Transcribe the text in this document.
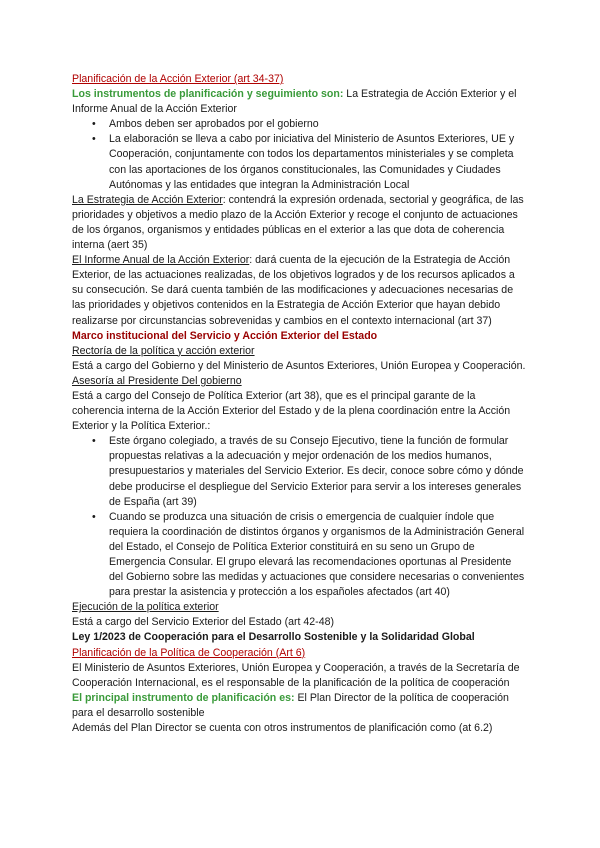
Planificación de la Acción Exterior (art 34-37)

Los instrumentos de planificación y seguimiento son: La Estrategia de Acción Exterior y el Informe Anual de la Acción Exterior

• Ambos deben ser aprobados por el gobierno
• La elaboración se lleva a cabo por iniciativa del Ministerio de Asuntos Exteriores, UE y Cooperación, conjuntamente con todos los departamentos ministeriales y se completa con las aportaciones de los órganos constitucionales, las Comunidades y Ciudades Autónomas y las entidades que integran la Administración Local

La Estrategia de Acción Exterior: contendrá la expresión ordenada, sectorial y geográfica, de las prioridades y objetivos a medio plazo de la Acción Exterior y recoge el conjunto de actuaciones de los órganos, organismos y entidades públicas en el exterior a las que dota de coherencia interna (aert 35)

El Informe Anual de la Acción Exterior: dará cuenta de la ejecución de la Estrategia de Acción Exterior, de las actuaciones realizadas, de los objetivos logrados y de los recursos aplicados a su consecución. Se dará cuenta también de las modificaciones y adecuaciones necesarias de las prioridades y objetivos contenidos en la Estrategia de Acción Exterior que hayan debido realizarse por circunstancias sobrevenidas y cambios en el contexto internacional (art 37)

Marco institucional del Servicio y Acción Exterior del Estado

Rectoría de la política y acción exterior

Está a cargo del Gobierno y del Ministerio de Asuntos Exteriores, Unión Europea y Cooperación.

Asesoría al Presidente Del gobierno

Está a cargo del Consejo de Política Exterior (art 38), que es el principal garante de la coherencia interna de la Acción Exterior del Estado y de la plena coordinación entre la Acción Exterior y la Política Exterior.:

• Este órgano colegiado, a través de su Consejo Ejecutivo, tiene la función de formular propuestas relativas a la adecuación y mejor ordenación de los medios humanos, presupuestarios y materiales del Servicio Exterior. Es decir, conoce sobre cómo y dónde debe producirse el despliegue del Servicio Exterior para servir a los intereses generales de España (art 39)
• Cuando se produzca una situación de crisis o emergencia de cualquier índole que requiera la coordinación de distintos órganos y organismos de la Administración General del Estado, el Consejo de Política Exterior constituirá en su seno un Grupo de Emergencia Consular. El grupo elevará las recomendaciones oportunas al Presidente del Gobierno sobre las medidas y actuaciones que considere necesarias o convenientes para prestar la asistencia y protección a los españoles afectados (art 40)

Ejecución de la política exterior

Está a cargo del Servicio Exterior del Estado (art 42-48)

Ley 1/2023 de Cooperación para el Desarrollo Sostenible y la Solidaridad Global

Planificación de la Política de Cooperación (Art 6)

El Ministerio de Asuntos Exteriores, Unión Europea y Cooperación, a través de la Secretaría de Cooperación Internacional, es el responsable de la planificación de la política de cooperación

El principal instrumento de planificación es: El Plan Director de la política de cooperación para el desarrollo sostenible

Además del Plan Director se cuenta con otros instrumentos de planificación como (at 6.2)
